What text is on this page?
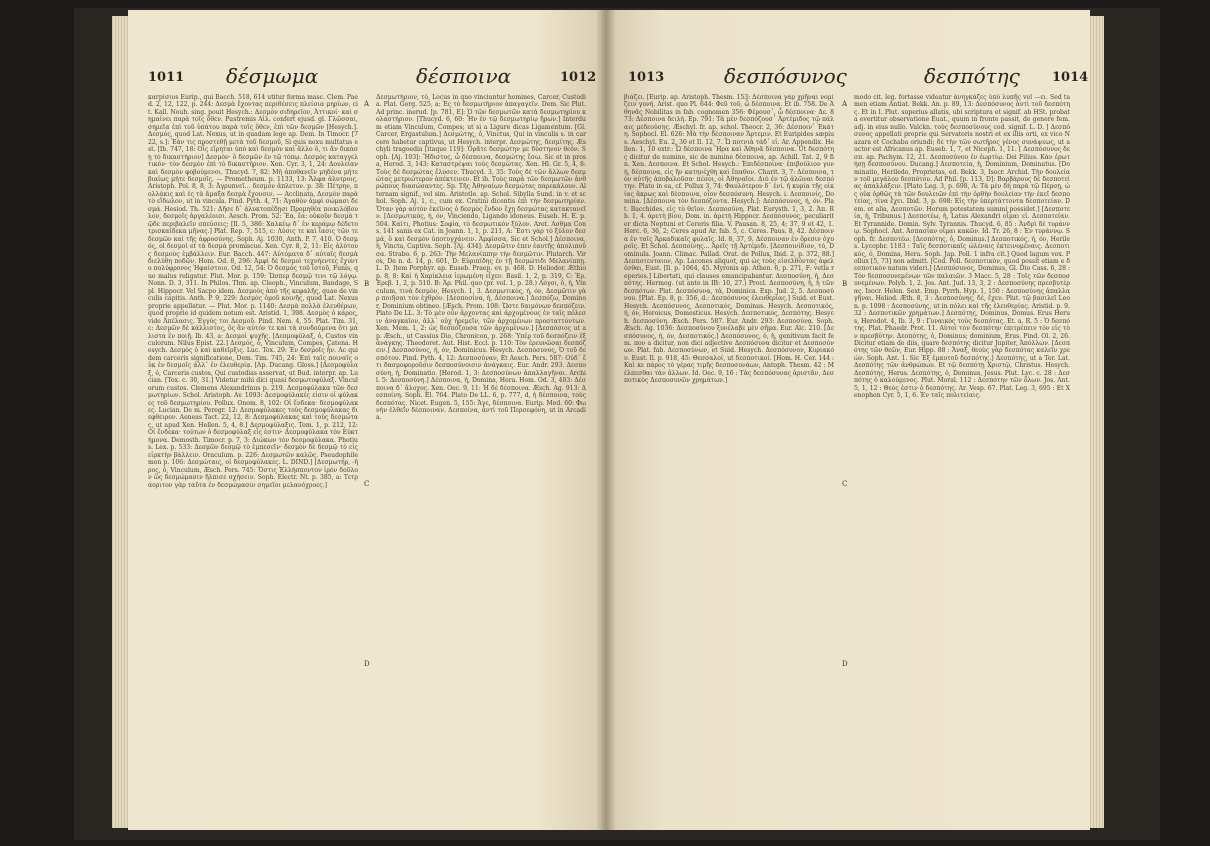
1011 δέσμωμα	δέσποινα	1012
καrpίσιυs Eurip., qui Bacch. 518, 614 utitur forma masc. Clem. Paed. 2, 12, 122, p. 244: Δεσμὰ ἔχοντας περιθέσεις πλείσια μηρίων, cit. Kall. Nouh. sing. pouit Hesych.: Δεσμὸν σιδηρεῖον, Ἀττικοί· καὶ σημαίνει παρὰ τοῖς ὅθεν. Pustremis Aἰλ. confert ejusd. gl. Γλῶσσαι, σημεῖα ἐπὶ τοῦ ὑπάτου παρὰ τοῖς ὅθεν, ἐπὶ τῶν δεσμῶν [Hesych.]. Δεσμός, quod Lat. Nexus, ut in quadam lege ap. Dem. In Timocr. [722, s.]: Ἐὰν τις προστεθῇ μετὰ τοῦ δεσμοῦ, Si quis nexu multatus est. [Ib. 747, 18: Οἷς εἴρηται ὑπὸ καὶ δεσμὸν καὶ ἄλλο ὅ, τι ἂν δικάσῃ τὸ δικαστήριον] Δεσμὸν· ὃ δεσμῶν ἐν τῷ τόπῳ. Δεσμὸς καταγγελτικόν· τὸν δεσμὸν ἐπὶ τὸ δικαστήριον. Xen. Cyr. 3, 1, 24: Δουλείαν καὶ δεσμὸν φοβούμενοι. Thucyd. 7, 82: Μὴ ἀποθανεῖν μηδένα μήτε βιαίως μήτε δεσμοῖς. — Prometheum. p. 1133, 13: Ἄλφα ἀλυτροις. Aristoph. Pol. 8, 8, 3: Ἀγρυπνεῖ... δεσμὸν ἄπλετον. p. 38: Πέτρην, πολλάκις καὶ ἐς τὰ ἄμαξα δεσμὰ ἔχουσιν. — Acclinata, Δεσμὸν παρὰ τὸ εἴδωλον, ut in vincula. Pind. Pyth. 4, 71: Ἀγαθὸν ἀμφὶ σώμασι δεσμά. Hesiod. Th. 521: Δῆσε δ᾽ ἀλυκτοπέδῃσι Προμηθέα ποικιλόβουλον, δεσμοῖς ἀργαλέοισι. Aesch. Prom. 52: Ἔα, ἔα: οὐκοῦν δεσμὰ τῷδε περιβαλεῖν σπεύσεις; [Il. 5, 386: Χαλκέῳ δ᾽ ἐν κεράμῳ δέδετο τρισκαίδεκα μῆνας.] Plat. Rep. 7, 515, c: Λύσις τε καὶ ἴασις τῶν τε δεσμῶν καὶ τῆς ἀφροσύνης. Soph. Aj. 1030, Anth. P. 7, 410. Ὁ δεσμός, ol δεσμοί et τὰ δεσμά promiscue. Xen. Cyr. 8, 2, 11: Εἰς ἀλύτους δεσμοὺς ἐμβάλλειν. Eur. Bacch. 447: Αὐτόματα δ᾽ αὐταῖς δεσμὰ διελύθη ποδῶν. Hom. Od. 8, 296: Ἀμφὶ δὲ δεσμοὶ τεχνήεντες ἔχυντο πολύφρονος Ἡφαίστοιο. Od. 12, 54: Ὁ δεσμὸς τοῦ ἱστοῦ, Funis, quo malus religatur. Plut. Mor. p. 159: Ὥσπερ δεσμῷ τινι τῷ λόγῳ. Nonn. D. 3, 311. In Philos. Thm. ap. Cleoph., Vinculum, Bandage, Spl. Hippocr. Vel Sacpo idem. Δεσμοὺς ἀπὸ τῆς κεφαλῆς, quae de vinculis capitis. Anth. P. 9, 229: Δεσμὸς ὁμοῦ κοινῆς, quod Lat. Nexus proprie appellatur. — Plut. Mor. p. 1140: Δεσμὰ πολλὰ ἐλευθέρων, quod proprie id quidem notum est. Aristid. 1, 398. Δεσμὸς ὁ κάρος, vide Ἀπέλασις. Ἐγγύς τοι Δεσμοῦ. Pind. Nem. 4, 55. Plat. Tim. 31, c: Δεσμῶν δὲ κάλλιστος, ὃς ἂν αὑτόν τε καὶ τὰ συνδούμενα ὅτι μάλιστα ἓν ποιῇ. Ib. 43, a: Δεσμοὶ ψυχῆς. [Δεσμοφύλαξ, ὁ, Custos vinculorum. Nilus Epist. 22.] Δεσμός, ὁ, Vinculum, Compes, Catena. Hesych. Δεσμὸς ὁ καὶ καθεῖρξις. Luc. Tox. 29: Ἐν δεσμοῖς ἦν. Ac quidem carceris significatione, Dem. Tim. 745, 24: Ἐπὶ ταῖς ποιναῖς οὐκ ἐν δεσμοῖς ἀλλ᾽ ἐν ἐλευθερίᾳ. [Ap. Ducang. Gloss.] [Δεσμοφύλαξ, ὁ, Carceris custos, Qui custodias asservat, ut Bud. interpr. ap. Lucian. [Tox. c. 30, 31.] Videtur mihi dici quasi δεσμωτοφύλαξ. Vinculorum custos. Clemens Alexandrinus p. 219. Δεσμοφύλακα τῶν δεσμωτηρίων. Schol. Aristoph. Av. 1093: Δεσμοφύλακές εἰσιν οἱ φύλακες τοῦ δεσμωτηρίου. Pollux. Onom. 8, 102: Οἱ ἕνδεκα· δεσμοφύλακες. Lucian. De m. Peregr. 12: Δεσμοφύλακες τοὺς δεσμοφύλακας διεφθειρον. Aeneas Tact. 22, 12, 8: Δεσμοφύλακας καὶ τοὺς δεσμώτας, ut apud Xen. Hellen. 5, 4, 8.] Δεσμοφύλαξις. Tom. 1, p. 212, 12: Οἱ ἕνδεκα· τούτων ὁ δεσμοφύλαξ εἷς ἐστιν· Δεσμοφύλακα τὸν Εὐκτήμονα. Demosth. Timocr. p. 7, 3: Διώκων τὸν δεσμοφύλακα. Photius. Lex. p. 533: Δεσμῶν δεσμῷ τὸ ἐμπεσεῖν· δεσμὸν δὲ δεσμῷ τὸ εἰς εἱρκτὴν βάλλειν. Oraculum. p. 226: Δεσμωτῶν καλῶς. Pseudophilemon p. 106: Δεσμώταις, οἱ δεσμοφύλακες. L. DIND.] [Δεσμωτήρ, -ῆρος, ὁ, Vinculum, Æsch. Pers. 745: Ὅστις Ἑλλήσποντον ἱρὸν δοῦλον ὣς δεσμώμασιν ἤλπισε σχήσειν. Soph. Electr. Nt. p. 385, a: Τετράοριτον γὰρ ταῦτα ἐν δεσμώμασιν σημεῖοι μελανόχροες.]
A
B
C
D
Δεσμωτήριον, τό, Locus in quo vinciuntur homines, Carcer, Custodia. Plat. Gorg. 525, a: Ἐς τὸ δεσμωτήριον ἀπαγαγεῖν. Dem. Sic Plut. Ad princ. inerud. [p. 781, E]: Ὁ τῶν δεσμωτῶν κατὰ δεσμωτηρίου κολαστήριον. [Thucyd. 6, 60: Ἦν ἐν τῷ δεσμωτηρίῳ ἤρων.] Interdum etiam Vinculum, Compes; ut si a Ligure dicas Ligamentum. [Gl. Carcer, Ergastulum.] Δεσμώτης, ὁ, Vinctus, Qui in vinculis s. in carcere habetur captivus, ut Hesych. interpr. Δεσμώτης, δεσμίτης. Æschyli tragoedia [itaque 119]: Ὁρᾶτε δεσμώτην με δύστηνον θεόν. Soph. [Aj. 103]: Ἥδιστος, ὦ δέσποινα, δεσμώτης ἔσω. Sic et in prosa, Herod. 3, 143: Καταστρέψαι τοὺς δεσμώτας. Xen. Hl. Gr. 5, 4, 8: Τοὺς δὲ δεσμώτας ἔλυσεν. Thucyd. 3, 35: Τοὺς δὲ τῶν ἄλλων δεσμώτας μετριώτερον ἀπέκτεινεν. Et ib. Τοὺς παρὰ τῶν δεσμωτῶν ἀνθρώπους διασώσαντες. Sp. Τῆς Ἀθηναίων δεσμώτας παρεκάλουν. Alternam signif., vel sim. Aristotle. ap. Schol. Sibylla Sund. in v. et schol. Soph. Aj. 1, c., cum ex. Cratini dicentis ἐπὶ τὴν δεσμωτηρίαν. Ὅταν γὰρ αὐτὸν ἐκεῖνος ὁ δεσμὸς ἔνδον ἔχῃ δεσμώτας κατακτανεῖν. [Δεσμωτικός, ή, όν, Vinciendo, Ligando idoneus. Euseb. H. E. p. 504. Καίτι, Photius: Σοφία, τὸ δεσμωτικὸν ξύλον. Aret. Ασθμα Cons. 141 sanis ex Cat. in Joann. 1, 1, p. 211, A: Ἔστι γὰρ τὸ ξύλον δεσμά, ὅ καὶ δεσμὸν ὑποτυγχάνειν. Ἀμφίσσα, Sic et Schol.] Δέσποινα, ἡ, Vincta, Captiva. Soph. [Aj. 434]: Δεσμῶτιν ἐπεν ἑαυτῆς ἀπολιποῦσα. Strabo. 6, p. 263: Τὴν Μελανίππην τὴν δεσμῶτιν. Plutarch. Viros, De n. d. 14, p. 601, D: Εὐριπίδης ἐν τῇ δεσμώτιδι Μελανίππῃ. L. D. Item Porphyr. ap. Euseb. Praep. ev. p. 468. D. Heliodor. Æthiop. 8, 8: Καὶ ἡ Χαρίκλεια ἱερωμένη εἶχεν. Basil. 1, 2, p. 319, C: Ἐρ. Ἐρεβ. 1, 2, p. 510. B: Ἀρ. Phil. quo (pr. vol. 1, p. 28.) Λόγοι, ὅ, ἡ, Vinculum, τινὰ δεσμὸν, Hesych. 1, 3. Δεσμωτικὸς, ή, όν, Δεσμῶτιν γὰρ ποιῆσαι τὸν ἐχθρὸν. [Δεσποσίνα, ἡ, Δέσποινα.] Δεσπόζω, Dominor, Dominium obtineo. [Æsch. Prom. 108: Ὥστε δαιμόνων δεσπόζειν. Plato De LL. 3: Τὸ μὲν οὖν ἄρχοντας καὶ ἀρχομένους ἐν ταῖς πόλεσιν ἀναγκαῖον, ἀλλ᾽ οὐχ ἠρεμεῖν, τῶν ἀρχομένων προσταττόντων. Xen. Mem. 1, 2: ὡς δεσπόζουσα τῶν ἀρχομένων.] [Δεσπόσιος ut ap. Æsch., ut Cassius Dio, Chronicon, p. 268: Ὑπέρ τοῦ δεσπόζειν ἐξ ἀνάγκης. Theodoret. Aut. Hist. Eccl. p. 110: Τὸν ἐρευνῶσαι δεσπόζειν.] Δεσποσύνος, ή, όν, Dominicus. Hesych. Δεσπόσυνος, Ὁ τοῦ δεσπότου. Pind. Pyth. 4, 12: Δεσποσύναν, Et Aesch. Pers. 587: Οὐδ᾽ ἔτι δασμοφοροῦσιν δεσποσύνοισιν ἀνάγκαις. Eur. Andr. 293. Δεσποσύνη, ἡ, Dominatio. [Herod. 1, 3: Δεσποσύνων ἀπαλλαγῆναι. Archil. 5: Δεσποσύνη.] Δέσποινα, ἡ, Domina, Hera. Hom. Od. 3, 403: Δέσποινα δ᾽ ἄλοχος. Xen. Oec. 9, 11: Ἡ δὲ δέσποινα. Æsch. Ag. 913: Δεσποίνη. Soph. El. 764. Plato De LL. 6, p. 777, d, ἡ δέσποινα, τοὺς δεσπότας. Nicet. Eugen. 5, 155: Ἄγε, δέσποινα. Eurip. Med. 60: Φωνὴν ἐλθεῖν δέσποιναν. Δεσποίνα, ἀντὶ τοῦ Περσεφόνη, ut in Arcadia.
1013	δεσπόσυνος	δεσπότης 1014
βιάζει. [Eurip. ap. Aristoph. Thesm. 153: Δέσποινα γάρ χρῆναι νομίζειν γυνή. Arist. quo Pl. 644: Φεῦ τοῦ, ὦ δέσποινα. Et ib. 758. De Ἀθηνᾶς Nobilitas in fab. cognomen 356: Φέρουσ᾽, ὦ δέσποινα· Δε. 873: Δέσποινα δειλή. Ep. 791: Τὰ μὲν δεσπόζουσ᾽ Ἀρτέμιδος τῷ πάλαις μεδεούσης. Æschyl. fr. ap. schol. Theocr. 2, 36: Δέσποιν᾽ Ἑκάτη. Sophocl. El. 626: Μὰ τὴν δέσποιναν Ἄρτεμιν. Et Euripides sæpius. Aeschyl. Eu. 2, 30 et Il. 12, 7. Ὦ ποτνιὰ τάδ᾽ εἰ. Ar. Appendix. Hellen. 1, 10 extr.: Ὦ δέσποινα Ἤρα καὶ Ἀθηνᾶ δέσποινα. Ut δεσπότης dicitur de numine, sic de numine δέσποινα, ap. Achill. Tat. 2, 9 fin. Xen. Δεσποινα. Et Schol. Hesych.: Ἐπιδέσποινα· ἐπιβούλιον γυνή, δέσποινα, εἰς ἣν κατηνέχθη καὶ ἔπαθον. Charit. 3, 7: Δέσποινα, τὸν αὑτῆς ἀποβαλοῦσα· πέσοι, οἱ Ἀθηναῖοι. Διὸ ἐν τῷ ἀλῶναι δεσπότην. Plato in ea, cf. Pollux 3, 74: Φαυλότερον δ᾽ ἐνί. ἡ κυρία τῆς οἰκίας ἄκρως καὶ δέσποινα, οἷον δεσπόσυνη. Hesych. i. Δεσποινίς, Domina. [Δέσποινα τὸν δεσπόζοντα. Hesych.]: Δεσπόσυνος, ή, όν. Plat. Bacchides, εἰς τὸ θεῖον. Δεσποσύνη. Plat. Eurysth. 1, 3, 2. Ἀπ. Rh. 1, 4. ἀρετὴ βίου, Dom. in. ἀρετὴ Hippocr. Δεσπόσυνος, peculiariter dicta Neptuni et Cereris filia. V. Pausan. 8, 25, 4; 37, 9 et 42, 1. Herc. 6, 36, 2; Ceres apud Ar. fab. 5, c. Ceres. Paus. 8, 42. Δέσποινα ἐν ταῖς Ἄρκαδικαῖς φυλαῖς. Id. 8, 37, 9. Δέσποιναν ἐν ὄρεσιν ὀχυροῖς. Et Schol. Δεσποίνης... Ἀρεῖς τῇ Ἀρτέμιδι. [Δεσποινίδιον, τό, Dominula. Joann. Climac. Pallad. Orat. de Pollux, Ibid. 2, p. 372, 88.] Δεσποτευταιον, Ap. Lacones aliquot, qui ὡς τοὺς εἰσελθόντας ἀφελέσθαι, Eust. [Il. p. 1064, 45. Myronis ap. Athen. 6, p. 271, F: vetla reperies.] Libertati, qui clauses emancipabantur. Δεσποσύνη, ἡ, Δεσπότης. Hermog. (ut ante in IB: 10, 27.) Procl. Δεσποσύνη, ἡ, ἡ τῶν δεσπότων. Plat. Δεσπόσυνα, τὰ, Dominica. Exp. Jud. 2, 5. Δεσποσύνου. [Plat. Ep. 8, p. 356, d.: Δεσπόσυνος ἐλευθερίας.] Suid. et Eust. Hesych. Δεσπόσυνος, Δεσποτικὸς, Dominus. Hesych. Δεσποτικός, ή, όν, Heroicus, Domesticus. Hesych. Δεσποτικὸς, Δεσπότης. Hesych. Δεσποσύνη. Æsch. Pers. 587. Eur. Andr. 293: Δεσποσύνᾳ. Soph. Æsch. Ag. 1036: Δεσποσύνου ξυνέλαβε μὲν σῆμα. Eur. Alc. 210. [Δεσπόσυνος, ή, όν, Δεσποτικός.] Δεσπόσυνος, ὁ, ἡ, genitivum facit fem. πον a dicitur, non dici adjective Δεσπόσυνα dicitur et Δεσποσύνων. Plat. fab. Δεσποσύνων, et Suid. Hesych. Δεσπόσυνον, Κυριακόν. Eust. Il. p. 918, 45: Θεσσαλοί, ut δεσποτικοί. [Hom. H. Cer. 144 : Καὶ κε πάρος τὸ γέρας τιμῆς δεσποσυνάων, Antoph. Thesm. 42 : Μέλπεσθαι τὰν ἄλλων. Id. Oec. 9, 16 : Τὰς δεσπόσυνας ἀριστᾶν, Δεσποτικὸς Δεσποσυνῶν χρημάτων.]
A
B
C
D
modo cit. leg. fortasse videatur ἀνηγκάζες ὑπὸ λυπῆς vel —ει. Sed tamen etiam Antiat. Bekk. An. p. 89, 13: Δεσπόσυνος ἀντὶ τοῦ δεσπότης. Et in I. Plut. superius allatis, ubi scriptura et signif. ab HSt. probata evertitur observatione Euat., quum in fronte passit, de genere fem. adj. in eius nullo. Valckn. τοὺς δεσποσύνους cod. signif. L. D. ] Δεσπόσυνος appellati proprie qui Servatoris nostri et ex illis orti, ex vico Nazara et Cochaba oriundi; δὲ τὴν τῶν σωτῆρος γένος συνάψεως, ut auctor est Africanus ap. Euseb. 1, 7, et Niceph. 1, 11. [ Δεσπόσυνος δεσπ. ap. Pachym. 12, 21. Δεσποσύνου ἐν ἑωρτίῳ. Dei Filius. Κάν ἐρωτήσῃ δεσποσύνου. Ducang.] Δεσποτεία, ἡ, Dominium, Dominatus. [Dominatio, Heriledo, Proprietas, ed. Bekk. 3, Isocr. Archid. Τὴν δουλείαν τοῦ μεγάλου δεσπότου. Ad Phil. [p. 113, D]: Βαρβάρους δὲ δεσποτείας ἀπαλλάξειν. [Plato Leg. 3, p. 698, A: Τὰ μὲν δὴ παρὰ τῷ Πέρσῃ, ὡς οὐκ ὀρθῶς τὰ τῶν δουλειῶν ἐπὶ τὴν ὀρθὴν δουλείαν τὴν ἐκεῖ δεσποτείας, τίνα ἔχει. Ibid. 3, p. 698: Εἰς τὴν ὑπερτάττοντα δεσποτείαν. Dem. et alia, Δεσποτῶν. Horum potestatem summi possidet.] [Δεσποτεία, ἡ, Tribunus.] Δεσποτέω, ἡ, Latus Alexandri οἶμαι εἰ. Δεσποτείαν. Et Tyrannide. Domin. Sylv. Tyrannis. Thucyd. 6, 85 : Ἀνδρὶ δὲ τυράννῳ. Sophocl. Ant. Ἀσπασίαν οἶμαι κακῶν. Id. Tr. 26, 8 : Ἐν τυράννῳ. Soph. fr. Δεσποτέω. [Δεσπότης, ὁ, Dominus.] Δεσποτικός, ή, όν, Heriles. Lycophr. 1183 : Ταῖς δεσποτικαῖς ὠλέναις ἐκτεινομέναις. Δεσποτικός, ὁ, Domina, Hera. Soph. Jap. Poll. 1 infra cit.] Quod lagum vox. Pollux [5, 73] non admitt. [Cod. Poll. δεσποτικὸν, quod possit etiam e δεσποτικὸν natum videri.] [Δεσπόσυνος, Dominus, Gl. Dio Cass. 6, 28 : Τὸν δεσποσυνεμένων τῶν παλαιῶν. 3 Macc. 5, 28 : Τοῖς τῶν δεσποσυνεμένων. Polyb. 1, 2. Jos. Ant. Jud. 13, 3, 2 : Δεσποσύνης πρεσβυτέρας. Isocr. Helen. Sext. Emp. Pyrrh. Hyp. 1, 150 : Δεσποσύνης ἀπαλλαγῆναι. Heliod. Æth. 8, 3 : Δεσποσύνης, δέ, ἔχεν. Plut. τῷ βασιλεῖ Leon. p. 1098 : Δεσποσύνης, ut in πόλει καὶ τῆς ἐλευθερίας. Aristid. p. 9. 32 : Δεσποτικῶν χρημάτων.] Δεσπότης, Dominus, Domus. Erus Herus, Herodot. 4, Ib. 3, 9 : Γυναικὸς τοὺς δεσπότας. Et. a. R. 5 : Ὁ δεσπότης. Plat. Phaedr. Prot. 11. Αὐτοὶ τὸν δεσπότην ἐπιτρέπειν τὸν εἰς τὸν πρεσβύτην. Δεσπότης, ὁ, Dominus; dominium, Erus. Pind. Ol. 2, 26. Dicitur etiam de diis, quare δεσπότης dicitur Jupiter, Ἀπόλλων. [Δεσπότης τῶν θεῶν, Eur. Hipp. 88 : Ἄναξ, θεοὺς γὰρ δεσπότας καλεῖν χρεών. Soph. Ant. 1. Sic Ἐξ ἐμαυτοῦ δεσπότης.] Δεσπότης, ut a Ter. Lat. Δεσπότης τῶν ἀνθρώπων. Et τῷ δεσπότῃ Χριστῷ, Christus. Hesych. Δεσπότης, Herus. Δεσπότης, ὁ, Dominus, Jesus. Plut. Lyc. c. 28 : Δεσπότης ὁ καλούμενος. Plut. Moral. 112 : Δεσπότην τῶν ὅλων. Jos. Ant. 5, 1, 12 : Θεὸς ἐστιν ὁ δεσπότης. Ar. Vesp. 67. Plat. Leg. 3, 695 : Et Xenophon Cyr. 5, 1, 6. Ἐν ταῖς πολιτείαις.
